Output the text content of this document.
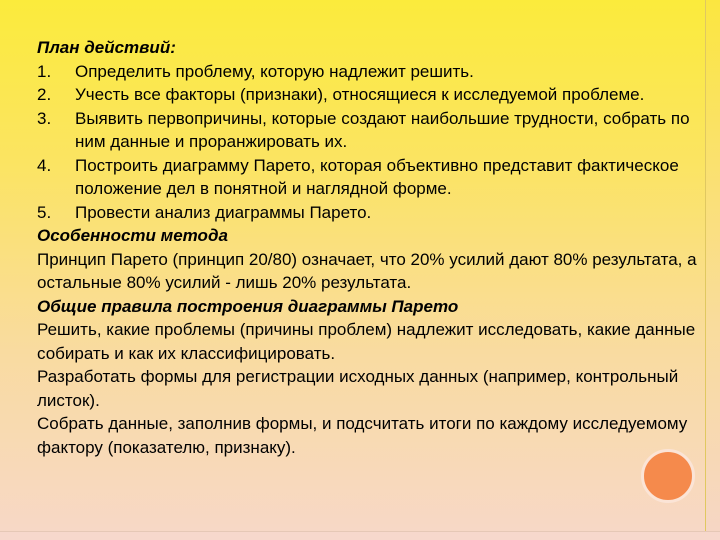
План действий:
1. Определить проблему, которую надлежит решить.
2. Учесть все факторы (признаки), относящиеся к исследуемой проблеме.
3. Выявить первопричины, которые создают наибольшие трудности, собрать по ним данные и проранжировать их.
4. Построить диаграмму Парето, которая объективно представит фактическое положение дел в понятной и наглядной форме.
5. Провести анализ диаграммы Парето.
Особенности метода

Принцип Парето (принцип 20/80) означает, что 20% усилий дают 80% результата, а остальные 80% усилий - лишь 20% результата.

Общие правила построения диаграммы Парето

Решить, какие проблемы (причины проблем) надлежит исследовать, какие данные собирать и как их классифицировать.

Разработать формы для регистрации исходных данных (например, контрольный листок).

Собрать данные, заполнив формы, и подсчитать итоги по каждому исследуемому фактору (показателю, признаку).
